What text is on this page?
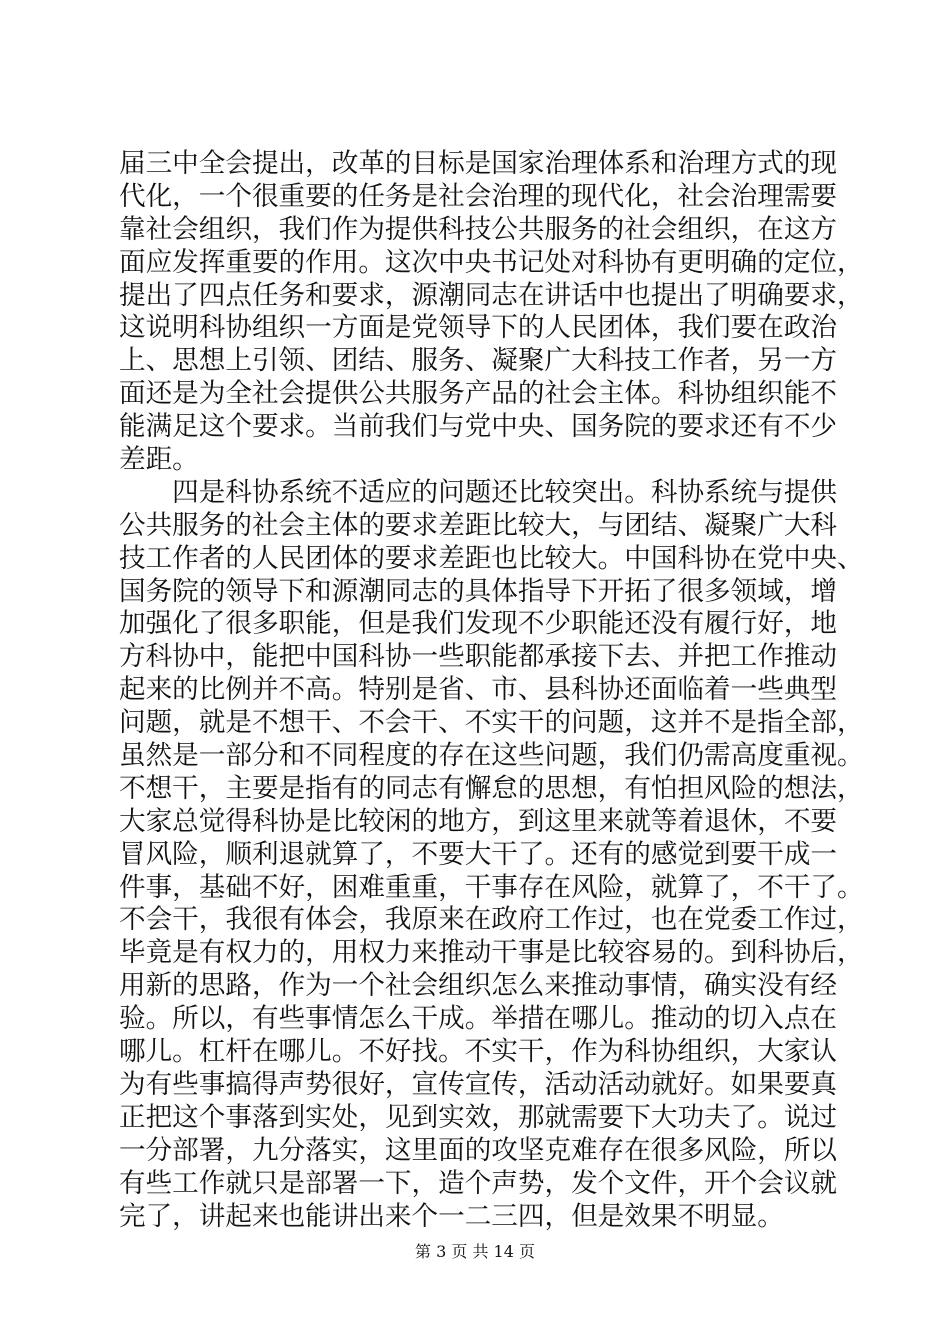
届三中全会提出，改革的目标是国家治理体系和治理方式的现
代化，一个很重要的任务是社会治理的现代化，社会治理需要
靠社会组织，我们作为提供科技公共服务的社会组织，在这方
面应发挥重要的作用。这次中央书记处对科协有更明确的定位，
提出了四点任务和要求，源潮同志在讲话中也提出了明确要求，
这说明科协组织一方面是党领导下的人民团体，我们要在政治
上、思想上引领、团结、服务、凝聚广大科技工作者，另一方
面还是为全社会提供公共服务产品的社会主体。科协组织能不
能满足这个要求。当前我们与党中央、国务院的要求还有不少
差距。
　　四是科协系统不适应的问题还比较突出。科协系统与提供
公共服务的社会主体的要求差距比较大，与团结、凝聚广大科
技工作者的人民团体的要求差距也比较大。中国科协在党中央、
国务院的领导下和源潮同志的具体指导下开拓了很多领域，增
加强化了很多职能，但是我们发现不少职能还没有履行好，地
方科协中，能把中国科协一些职能都承接下去、并把工作推动
起来的比例并不高。特别是省、市、县科协还面临着一些典型
问题，就是不想干、不会干、不实干的问题，这并不是指全部，
虽然是一部分和不同程度的存在这些问题，我们仍需高度重视。
不想干，主要是指有的同志有懈怠的思想，有怕担风险的想法，
大家总觉得科协是比较闲的地方，到这里来就等着退休，不要
冒风险，顺利退就算了，不要大干了。还有的感觉到要干成一
件事，基础不好，困难重重，干事存在风险，就算了，不干了。
不会干，我很有体会，我原来在政府工作过，也在党委工作过，
毕竟是有权力的，用权力来推动干事是比较容易的。到科协后，
用新的思路，作为一个社会组织怎么来推动事情，确实没有经
验。所以，有些事情怎么干成。举措在哪儿。推动的切入点在
哪儿。杠杆在哪儿。不好找。不实干，作为科协组织，大家认
为有些事搞得声势很好，宣传宣传，活动活动就好。如果要真
正把这个事落到实处，见到实效，那就需要下大功夫了。说过
一分部署，九分落实，这里面的攻坚克难存在很多风险，所以
有些工作就只是部署一下，造个声势，发个文件，开个会议就
完了，讲起来也能讲出来个一二三四，但是效果不明显。
第 3 页 共 14 页
